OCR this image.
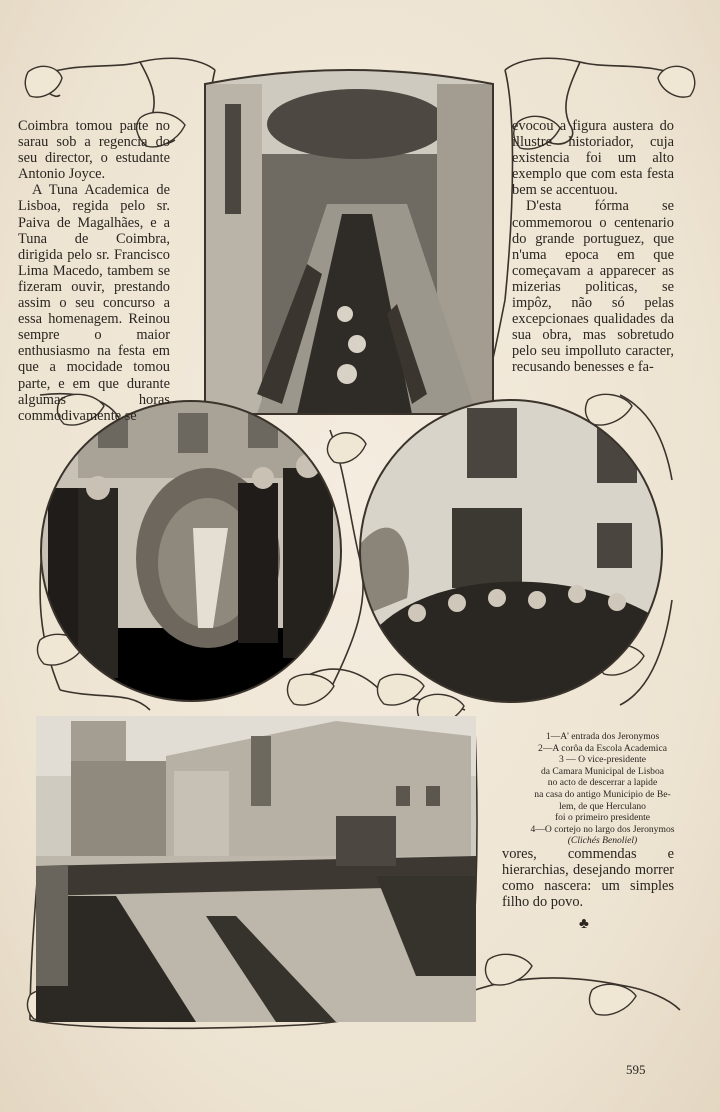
Coimbra tomou parte no sarau sob a regencia do seu director, o estudante Antonio Joyce.

A Tuna Academica de Lisboa, regida pelo sr. Paiva de Magalhães, e a Tuna de Coimbra, dirigida pelo sr. Francisco Lima Macedo, tambem se fizeram ouvir, prestando assim o seu concurso a essa homenagem. Reinou sempre o maior enthusiasmo na festa em que a mocidade tomou parte, e em que durante algumas horas commodivamente se

evocou a figura austera do illustre historiador, cuja existencia foi um alto exemplo que com esta festa bem se accentuou.

D'esta fórma se commemorou o centenario do grande portuguez, que n'uma epoca em que começavam a apparecer as mizerias politicas, se impôz, não só pelas excepcionaes qualidades da sua obra, mas sobretudo pelo seu impolluto caracter, recusando benesses e fa-

vores, commendas e hierarchias, desejando morrer como nascera: um simples filho do povo.

1—A' entrada dos Jeronymos
2—A corôa da Escola Academica
3 — O vice-presidente
da Camara Municipal de Lisboa
no acto de descerrar a lapide
na casa do antigo Municipio de Be-
lem, de que Herculano
foi o primeiro presidente
4—O cortejo no largo dos Jeronymos
(Clichés Benoliel)
♣
595
